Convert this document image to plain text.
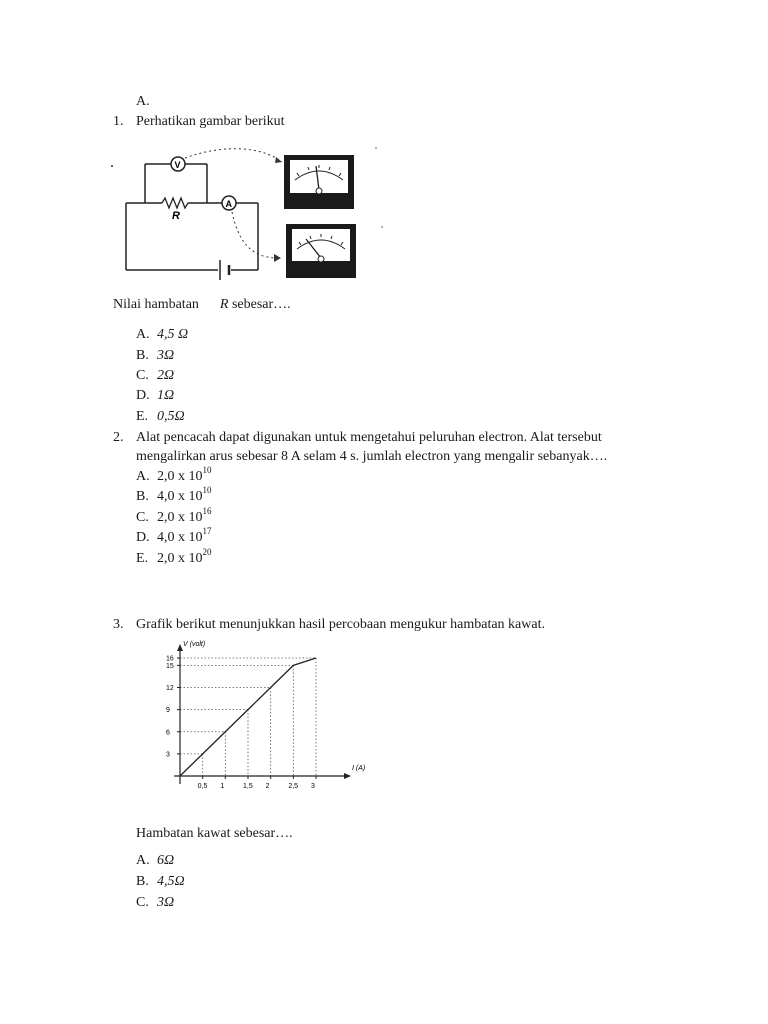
A.
1. Perhatikan gambar berikut
R
A
V
Nilai hambatan R sebesar….
A. 4,5 Ω
B. 3Ω
C. 2Ω
D. 1Ω
E. 0,5Ω
2. Alat pencacah dapat digunakan untuk mengetahui peluruhan electron. Alat tersebut
mengalirkan arus sebesar 8 A selam 4 s. jumlah electron yang mengalir sebanyak….
A. 2,0 x $10^{10}$
B. 4,0 x $10^{10}$
C. 2,0 x $10^{16}$
D. 4,0 x $10^{17}$
E. 2,0 x $10^{20}$
3. Grafik berikut menunjukkan hasil percobaan mengukur hambatan kawat.
0,5 1	1,5 2	2,5 3
3
6
9
12
15
16
V (volt)
I (A)
Hambatan kawat sebesar….
A. 6Ω
B. 4,5Ω
C. 3Ω
